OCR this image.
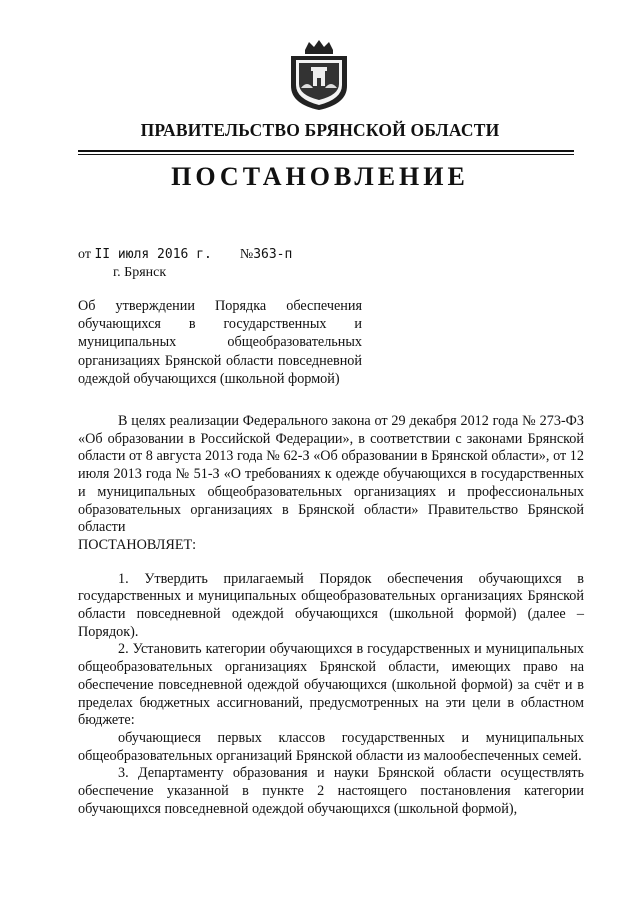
ПРАВИТЕЛЬСТВО БРЯНСКОЙ ОБЛАСТИ
ПОСТАНОВЛЕНИЕ
от II июля 2016 г. №363-п
г. Брянск
Об утверждении Порядка обеспечения обучающихся в государственных и муниципальных общеобразовательных организациях Брянской области повседневной одеждой обучающихся (школьной формой)

В целях реализации Федерального закона от 29 декабря 2012 года № 273-ФЗ «Об образовании в Российской Федерации», в соответствии с законами Брянской области от 8 августа 2013 года № 62-З «Об образовании в Брянской области», от 12 июля 2013 года № 51-З «О требованиях к одежде обучающихся в государственных и муниципальных общеобразовательных организациях и профессиональных образовательных организациях в Брянской области» Правительство Брянской области

ПОСТАНОВЛЯЕТ:

1. Утвердить прилагаемый Порядок обеспечения обучающихся в государственных и муниципальных общеобразовательных организациях Брянской области повседневной одеждой обучающихся (школьной формой) (далее – Порядок).

2. Установить категории обучающихся в государственных и муниципальных общеобразовательных организациях Брянской области, имеющих право на обеспечение повседневной одеждой обучающихся (школьной формой) за счёт и в пределах бюджетных ассигнований, предусмотренных на эти цели в областном бюджете:

обучающиеся первых классов государственных и муниципальных общеобразовательных организаций Брянской области из малообеспеченных семей.

3. Департаменту образования и науки Брянской области осуществлять обеспечение указанной в пункте 2 настоящего постановления категории обучающихся повседневной одеждой обучающихся (школьной формой),
